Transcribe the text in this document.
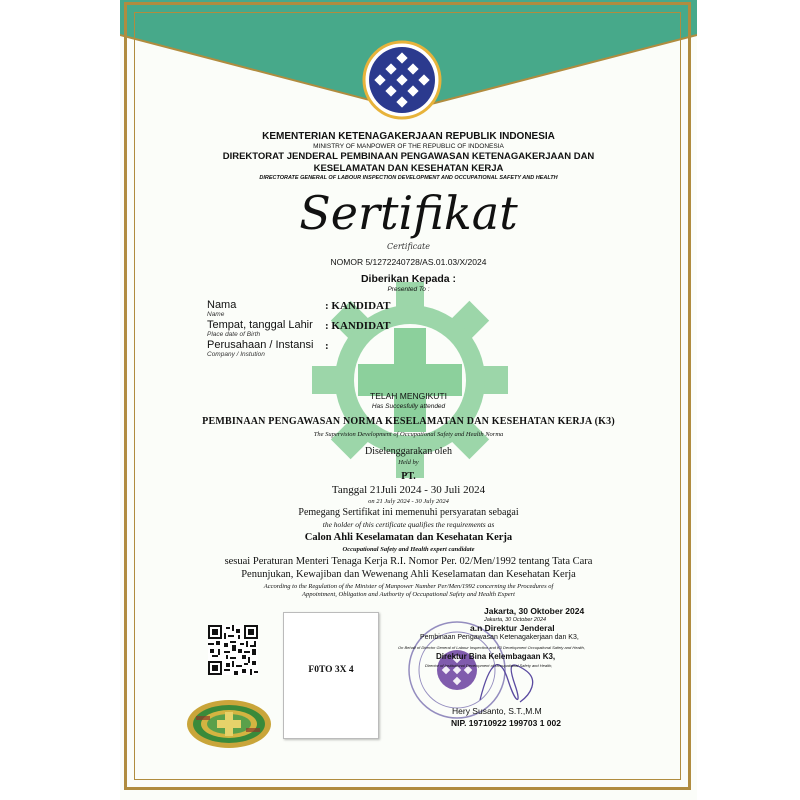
KEMENTERIAN KETENAGAKERJAAN REPUBLIK INDONESIA
MINISTRY OF MANPOWER OF THE REPUBLIC OF INDONESIA
DIREKTORAT JENDERAL PEMBINAAN PENGAWASAN KETENAGAKERJAAN DAN
KESELAMATAN DAN KESEHATAN KERJA
DIRECTORATE GENERAL OF LABOUR INSPECTION DEVELOPMENT AND OCCUPATIONAL SAFETY AND HEALTH
Sertifikat
Certificate
NOMOR 5/1272240728/AS.01.03/X/2024
Diberikan Kepada :
Presented To :
Nama
Name
: KANDIDAT
Tempat, tanggal Lahir
Place date of Birth
: KANDIDAT
Perusahaan / Instansi
Company / Instution
:
TELAH MENGIKUTI
Has Succesfully attended
PEMBINAAN PENGAWASAN NORMA KESELAMATAN DAN KESEHATAN KERJA (K3)
The Supervision Development of Occupational Safety and Health Norma
Diselenggarakan oleh
Held by
PT.
Tanggal 21Juli 2024 - 30 Juli 2024
on 21 July 2024 - 30 July 2024
Pemegang Sertifikat ini memenuhi persyaratan sebagai
the holder of this certificate qualifies the requirements as
Calon Ahli Keselamatan dan Kesehatan Kerja
Occupational Safety and Health expert candidate
sesuai Peraturan Menteri Tenaga Kerja R.I. Nomor Per. 02/Men/1992 tentang Tata Cara
Penunjukan, Kewajiban dan Wewenang Ahli Keselamatan dan Kesehatan Kerja
According to the Regulation of the Minister of Manpower Number Per/Men/1992 concerning the Procedures of
Appointment, Obligation and Authority of Occupational Safety and Health Expert
F0TO 3X 4
Jakarta, 30 Oktober 2024
Jakarta, 30 October 2024
a.n Direktur Jenderal
Pembinaan Pengawasan Ketenagakerjaan dan K3,
On Behalf of Director General of Labour Inspection and K3 Development Occupational Safety and Health,
Direktur Bina Kelembagaan K3,
Director of Institutional Development of Occupational Safety and Health,
Hery Susanto, S.T.,M.M
NIP. 19710922 199703 1 002
